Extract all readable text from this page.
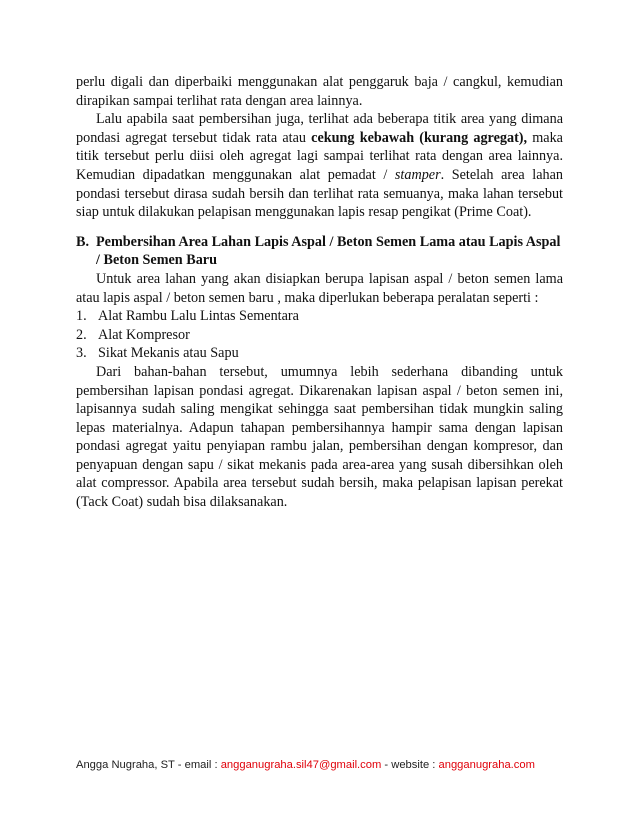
perlu digali dan diperbaiki menggunakan alat penggaruk baja / cangkul, kemudian dirapikan sampai terlihat rata dengan area lainnya.

Lalu apabila saat pembersihan juga, terlihat ada beberapa titik area yang dimana pondasi agregat tersebut tidak rata atau cekung kebawah (kurang agregat), maka titik tersebut perlu diisi oleh agregat lagi sampai terlihat rata dengan area lainnya. Kemudian dipadatkan menggunakan alat pemadat / stamper. Setelah area lahan pondasi tersebut dirasa sudah bersih dan terlihat rata semuanya, maka lahan tersebut siap untuk dilakukan pelapisan menggunakan lapis resap pengikat (Prime Coat).

B. Pembersihan Area Lahan Lapis Aspal / Beton Semen Lama atau Lapis Aspal / Beton Semen Baru

Untuk area lahan yang akan disiapkan berupa lapisan aspal / beton semen lama atau lapis aspal / beton semen baru , maka diperlukan beberapa peralatan seperti :

1. Alat Rambu Lalu Lintas Sementara
2. Alat Kompresor
3. Sikat Mekanis atau Sapu

Dari bahan-bahan tersebut, umumnya lebih sederhana dibanding untuk pembersihan lapisan pondasi agregat. Dikarenakan lapisan aspal / beton semen ini, lapisannya sudah saling mengikat sehingga saat pembersihan tidak mungkin saling lepas materialnya. Adapun tahapan pembersihannya hampir sama dengan lapisan pondasi agregat yaitu penyiapan rambu jalan, pembersihan dengan kompresor, dan penyapuan dengan sapu / sikat mekanis pada area-area yang susah dibersihkan oleh alat compressor. Apabila area tersebut sudah bersih, maka pelapisan lapisan perekat (Tack Coat) sudah bisa dilaksanakan.

Angga Nugraha, ST - email : angganugraha.sil47@gmail.com - website : angganugraha.com
